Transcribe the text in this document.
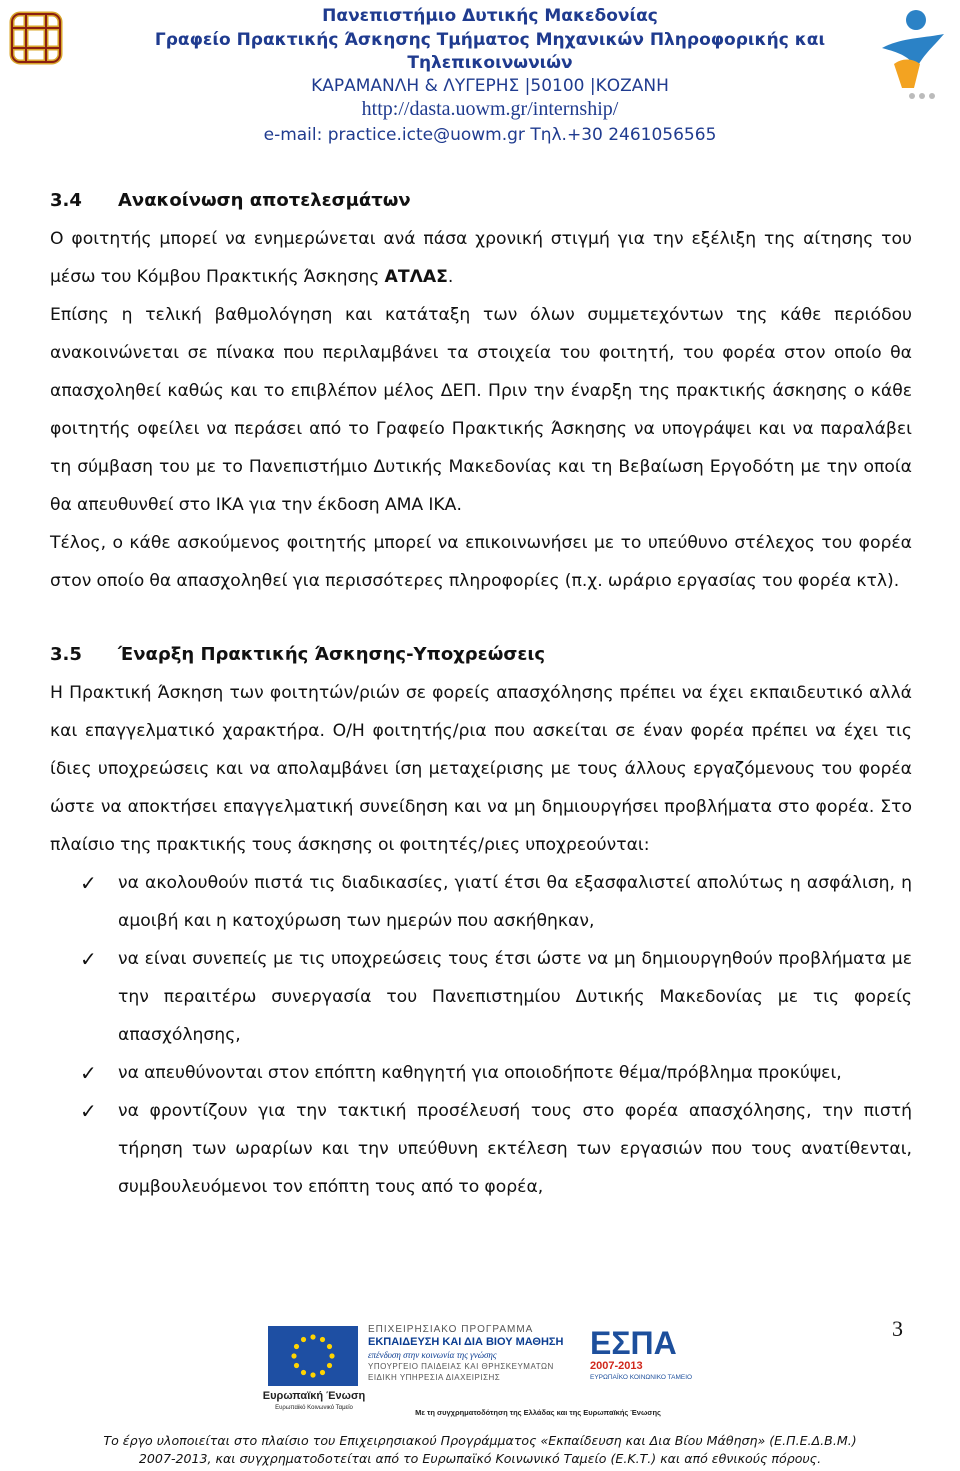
Πανεπιστήμιο Δυτικής Μακεδονίας
Γραφείο Πρακτικής Άσκησης Τμήματος Μηχανικών Πληροφορικής και
Τηλεπικοινωνιών
ΚΑΡΑΜΑΝΛΗ & ΛΥΓΕΡΗΣ |50100 |ΚΟΖΑΝΗ
http://dasta.uowm.gr/internship/
e-mail: practice.icte@uowm.gr Τηλ.+30 2461056565
3.4	Ανακοίνωση αποτελεσμάτων

Ο φοιτητής μπορεί να ενημερώνεται ανά πάσα χρονική στιγμή για την εξέλιξη της αίτησης του μέσω του Κόμβου Πρακτικής Άσκησης ΑΤΛΑΣ.

Επίσης η τελική βαθμολόγηση και κατάταξη των όλων συμμετεχόντων της κάθε περιόδου ανακοινώνεται σε πίνακα που περιλαμβάνει τα στοιχεία του φοιτητή, του φορέα στον οποίο θα απασχοληθεί καθώς και το επιβλέπον μέλος ΔΕΠ. Πριν την έναρξη της πρακτικής άσκησης ο κάθε φοιτητής οφείλει να περάσει από το Γραφείο Πρακτικής Άσκησης να υπογράψει και να παραλάβει τη σύμβαση του με το Πανεπιστήμιο Δυτικής Μακεδονίας και τη Βεβαίωση Εργοδότη με την οποία θα απευθυνθεί στο ΙΚΑ για την έκδοση ΑΜΑ ΙΚΑ.

Τέλος, ο κάθε ασκούμενος φοιτητής μπορεί να επικοινωνήσει με το υπεύθυνο στέλεχος του φορέα στον οποίο θα απασχοληθεί για περισσότερες πληροφορίες (π.χ. ωράριο εργασίας του φορέα κτλ).

3.5	Έναρξη Πρακτικής Άσκησης-Υποχρεώσεις

Η Πρακτική Άσκηση των φοιτητών/ριών σε φορείς απασχόλησης πρέπει να έχει εκπαιδευτικό αλλά και επαγγελματικό χαρακτήρα. Ο/Η φοιτητής/ρια που ασκείται σε έναν φορέα πρέπει να έχει τις ίδιες υποχρεώσεις και να απολαμβάνει ίση μεταχείρισης με τους άλλους εργαζόμενους του φορέα ώστε να αποκτήσει επαγγελματική συνείδηση και να μη δημιουργήσει προβλήματα στο φορέα. Στο πλαίσιο της πρακτικής τους άσκησης οι φοιτητές/ριες υποχρεούνται:

✓ να ακολουθούν πιστά τις διαδικασίες, γιατί έτσι θα εξασφαλιστεί απολύτως η ασφάλιση, η αμοιβή και η κατοχύρωση των ημερών που ασκήθηκαν,
✓ να είναι συνεπείς με τις υποχρεώσεις τους έτσι ώστε να μη δημιουργηθούν προβλήματα με την περαιτέρω συνεργασία του Πανεπιστημίου Δυτικής Μακεδονίας με τις φορείς απασχόλησης,
✓ να απευθύνονται στον επόπτη καθηγητή για οποιοδήποτε θέμα/πρόβλημα προκύψει,
✓ να φροντίζουν για την τακτική προσέλευσή τους στο φορέα απασχόλησης, την πιστή τήρηση των ωραρίων και την υπεύθυνη εκτέλεση των εργασιών που τους ανατίθενται, συμβουλευόμενοι τον επόπτη τους από το φορέα,
3
Ευρωπαϊκή Ένωση
Ευρωπαϊκό Κοινωνικό Ταμείο
ΕΠΙΧΕΙΡΗΣΙΑΚΟ ΠΡΟΓΡΑΜΜΑ
ΕΚΠΑΙΔΕΥΣΗ ΚΑΙ ΔΙΑ ΒΙΟΥ ΜΑΘΗΣΗ
επένδυση στην κοινωνία της γνώσης
ΥΠΟΥΡΓΕΙΟ ΠΑΙΔΕΙΑΣ ΚΑΙ ΘΡΗΣΚΕΥΜΑΤΩΝ
ΕΙΔΙΚΗ ΥΠΗΡΕΣΙΑ ΔΙΑΧΕΙΡΙΣΗΣ
ΕΣΠΑ
2007-2013
ΕΥΡΩΠΑΪΚΟ ΚΟΙΝΩΝΙΚΟ ΤΑΜΕΙΟ
Με τη συγχρηματοδότηση της Ελλάδας και της Ευρωπαϊκής Ένωσης
Το έργο υλοποιείται στο πλαίσιο του Επιχειρησιακού Προγράμματος «Εκπαίδευση και Δια Βίου Μάθηση» (Ε.Π.Ε.Δ.Β.Μ.)
2007-2013, και συγχρηματοδοτείται από το Ευρωπαϊκό Κοινωνικό Ταμείο (Ε.Κ.Τ.) και από εθνικούς πόρους.
